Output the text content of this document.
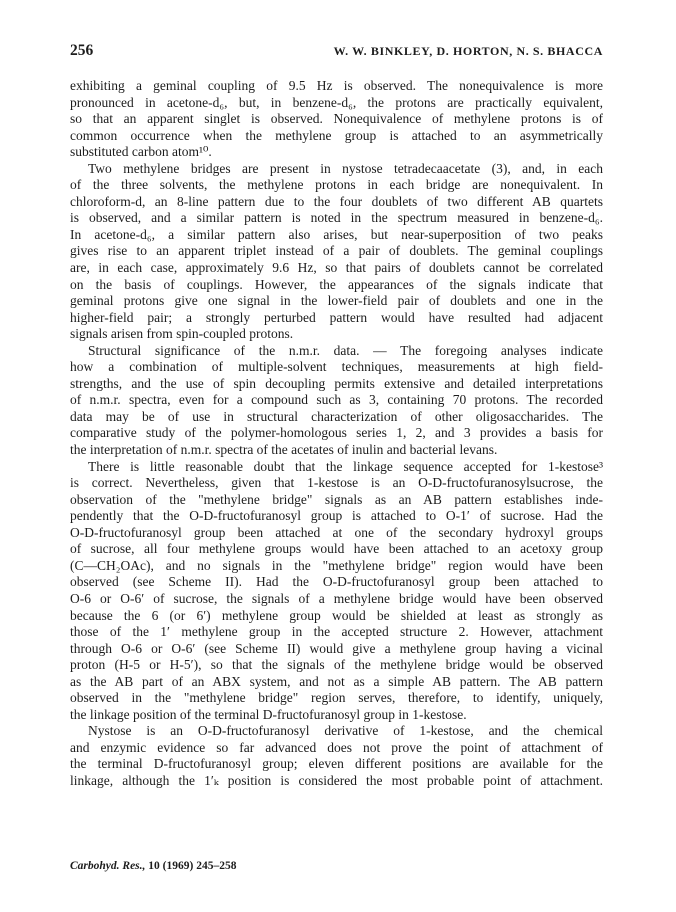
256	W. W. BINKLEY, D. HORTON, N. S. BHACCA
exhibiting a geminal coupling of 9.5 Hz is observed. The nonequivalence is more
pronounced in acetone-d₆, but, in benzene-d₆, the protons are practically equivalent,
so that an apparent singlet is observed. Nonequivalence of methylene protons is of
common occurrence when the methylene group is attached to an asymmetrically
substituted carbon atom¹⁰.
Two methylene bridges are present in nystose tetradecaacetate (3), and, in each
of the three solvents, the methylene protons in each bridge are nonequivalent. In
chloroform-d, an 8-line pattern due to the four doublets of two different AB quartets
is observed, and a similar pattern is noted in the spectrum measured in benzene-d₆.
In acetone-d₆, a similar pattern also arises, but near-superposition of two peaks
gives rise to an apparent triplet instead of a pair of doublets. The geminal couplings
are, in each case, approximately 9.6 Hz, so that pairs of doublets cannot be correlated
on the basis of couplings. However, the appearances of the signals indicate that
geminal protons give one signal in the lower-field pair of doublets and one in the
higher-field pair; a strongly perturbed pattern would have resulted had adjacent
signals arisen from spin-coupled protons.
Structural significance of the n.m.r. data. — The foregoing analyses indicate
how a combination of multiple-solvent techniques, measurements at high field-
strengths, and the use of spin decoupling permits extensive and detailed interpretations
of n.m.r. spectra, even for a compound such as 3, containing 70 protons. The recorded
data may be of use in structural characterization of other oligosaccharides. The
comparative study of the polymer-homologous series 1, 2, and 3 provides a basis for
the interpretation of n.m.r. spectra of the acetates of inulin and bacterial levans.
There is little reasonable doubt that the linkage sequence accepted for 1-kestose³
is correct. Nevertheless, given that 1-kestose is an O-D-fructofuranosylsucrose, the
observation of the "methylene bridge" signals as an AB pattern establishes inde-
pendently that the O-D-fructofuranosyl group is attached to O-1′ of sucrose. Had the
O-D-fructofuranosyl group been attached at one of the secondary hydroxyl groups
of sucrose, all four methylene groups would have been attached to an acetoxy group
(C—CH₂OAc), and no signals in the "methylene bridge" region would have been
observed (see Scheme II). Had the O-D-fructofuranosyl group been attached to
O-6 or O-6′ of sucrose, the signals of a methylene bridge would have been observed
because the 6 (or 6′) methylene group would be shielded at least as strongly as
those of the 1′ methylene group in the accepted structure 2. However, attachment
through O-6 or O-6′ (see Scheme II) would give a methylene group having a vicinal
proton (H-5 or H-5′), so that the signals of the methylene bridge would be observed
as the AB part of an ABX system, and not as a simple AB pattern. The AB pattern
observed in the "methylene bridge" region serves, therefore, to identify, uniquely,
the linkage position of the terminal D-fructofuranosyl group in 1-kestose.
Nystose is an O-D-fructofuranosyl derivative of 1-kestose, and the chemical
and enzymic evidence so far advanced does not prove the point of attachment of
the terminal D-fructofuranosyl group; eleven different positions are available for the
linkage, although the 1′ₖ position is considered the most probable point of attachment.
Carbohyd. Res., 10 (1969) 245–258
